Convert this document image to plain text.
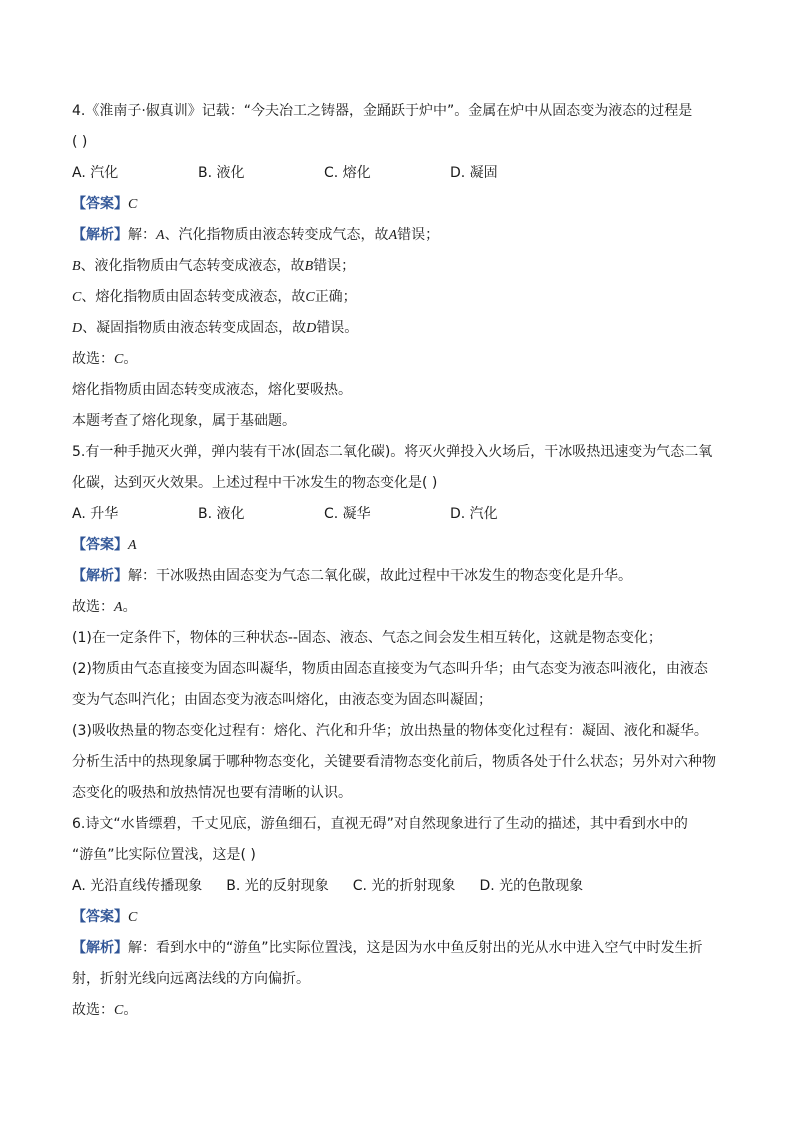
4.《淮南子·俶真训》记载：“今夫冶工之铸器，金踊跃于炉中”。金属在炉中从固态变为液态的过程是
( )
A. 汽化	B. 液化	C. 熔化	D. 凝固
【答案】C
【解析】解：A、汽化指物质由液态转变成气态，故A错误；
B、液化指物质由气态转变成液态，故B错误；
C、熔化指物质由固态转变成液态，故C正确；
D、凝固指物质由液态转变成固态，故D错误。
故选：C。
熔化指物质由固态转变成液态，熔化要吸热。
本题考查了熔化现象，属于基础题。
5.有一种手抛灭火弹，弹内装有干冰(固态二氧化碳)。将灭火弹投入火场后，干冰吸热迅速变为气态二氧
化碳，达到灭火效果。上述过程中干冰发生的物态变化是( )
A. 升华	B. 液化	C. 凝华	D. 汽化
【答案】A
【解析】解：干冰吸热由固态变为气态二氧化碳，故此过程中干冰发生的物态变化是升华。
故选：A。
(1)在一定条件下，物体的三种状态--固态、液态、气态之间会发生相互转化，这就是物态变化；
(2)物质由气态直接变为固态叫凝华，物质由固态直接变为气态叫升华；由气态变为液态叫液化，由液态
变为气态叫汽化；由固态变为液态叫熔化，由液态变为固态叫凝固；
(3)吸收热量的物态变化过程有：熔化、汽化和升华；放出热量的物体变化过程有：凝固、液化和凝华。
分析生活中的热现象属于哪种物态变化，关键要看清物态变化前后，物质各处于什么状态；另外对六种物
态变化的吸热和放热情况也要有清晰的认识。
6.诗文“水皆缥碧，千丈见底，游鱼细石，直视无碍”对自然现象进行了生动的描述，其中看到水中的
“游鱼”比实际位置浅，这是( )
A. 光沿直线传播现象 B. 光的反射现象 C. 光的折射现象 D. 光的色散现象
【答案】C
【解析】解：看到水中的“游鱼”比实际位置浅，这是因为水中鱼反射出的光从水中进入空气中时发生折
射，折射光线向远离法线的方向偏折。
故选：C。
